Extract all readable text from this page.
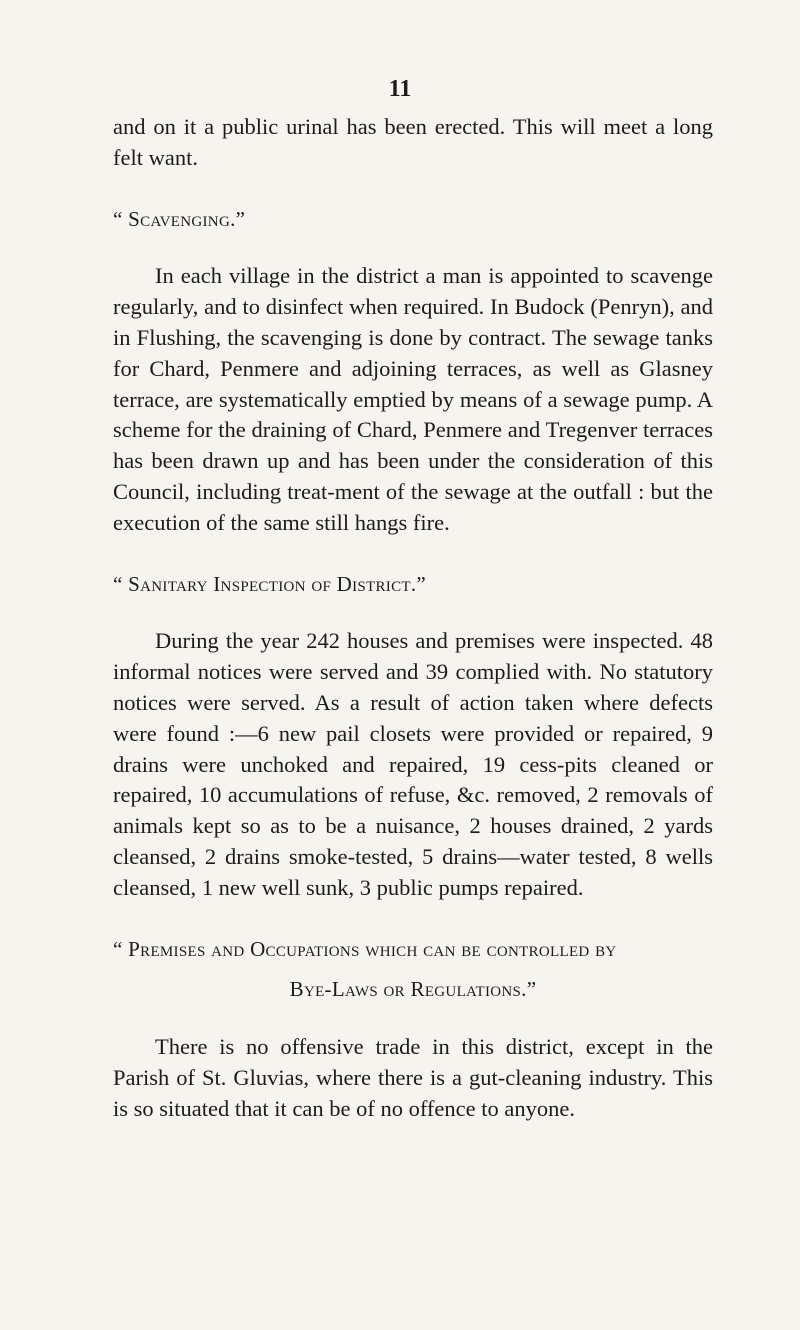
11

and on it a public urinal has been erected. This will meet a long felt want.

“ Scavenging.”

In each village in the district a man is appointed to scavenge regularly, and to disinfect when required. In Budock (Penryn), and in Flushing, the scavenging is done by contract. The sewage tanks for Chard, Penmere and adjoining terraces, as well as Glasney terrace, are systematically emptied by means of a sewage pump. A scheme for the draining of Chard, Penmere and Tregenver terraces has been drawn up and has been under the consideration of this Council, including treat-ment of the sewage at the outfall : but the execution of the same still hangs fire.

“ Sanitary Inspection of District.”

During the year 242 houses and premises were inspected. 48 informal notices were served and 39 complied with. No statutory notices were served. As a result of action taken where defects were found :—6 new pail closets were provided or repaired, 9 drains were unchoked and repaired, 19 cess-pits cleaned or repaired, 10 accumulations of refuse, &c. removed, 2 removals of animals kept so as to be a nuisance, 2 houses drained, 2 yards cleansed, 2 drains smoke-tested, 5 drains—water tested, 8 wells cleansed, 1 new well sunk, 3 public pumps repaired.

“ Premises and Occupations which can be controlled by

Bye-Laws or Regulations.”

There is no offensive trade in this district, except in the Parish of St. Gluvias, where there is a gut-cleaning industry. This is so situated that it can be of no offence to anyone.
